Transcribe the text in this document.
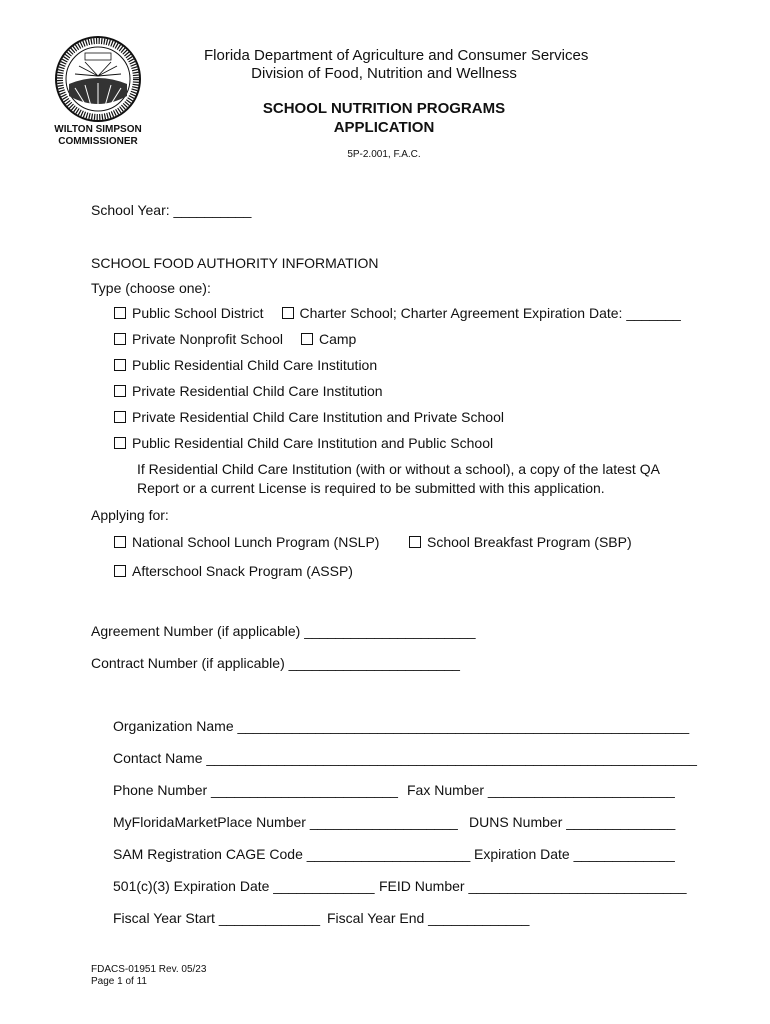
WILTON SIMPSON
COMMISSIONER
Florida Department of Agriculture and Consumer Services
Division of Food, Nutrition and Wellness
SCHOOL NUTRITION PROGRAMS
APPLICATION
5P-2.001, F.A.C.
School Year: __________
SCHOOL FOOD AUTHORITY INFORMATION
Type (choose one):
Public School District	Charter School; Charter Agreement Expiration Date: _______
Private Nonprofit School	Camp
Public Residential Child Care Institution
Private Residential Child Care Institution
Private Residential Child Care Institution and Private School
Public Residential Child Care Institution and Public School
If Residential Child Care Institution (with or without a school), a copy of the latest QA Report or a current License is required to be submitted with this application.
Applying for:
National School Lunch Program (NSLP)	School Breakfast Program (SBP)
Afterschool Snack Program (ASSP)
Agreement Number (if applicable) ______________________
Contract Number (if applicable) ______________________
Organization Name __________________________________________________________
Contact Name _______________________________________________________________
Phone Number ________________________ Fax Number ________________________
MyFloridaMarketPlace Number ___________________ DUNS Number ______________
SAM Registration CAGE Code _____________________ Expiration Date _____________
501(c)(3) Expiration Date _____________ FEID Number ____________________________
Fiscal Year Start _____________ Fiscal Year End _____________
FDACS-01951 Rev. 05/23
Page 1 of 11
